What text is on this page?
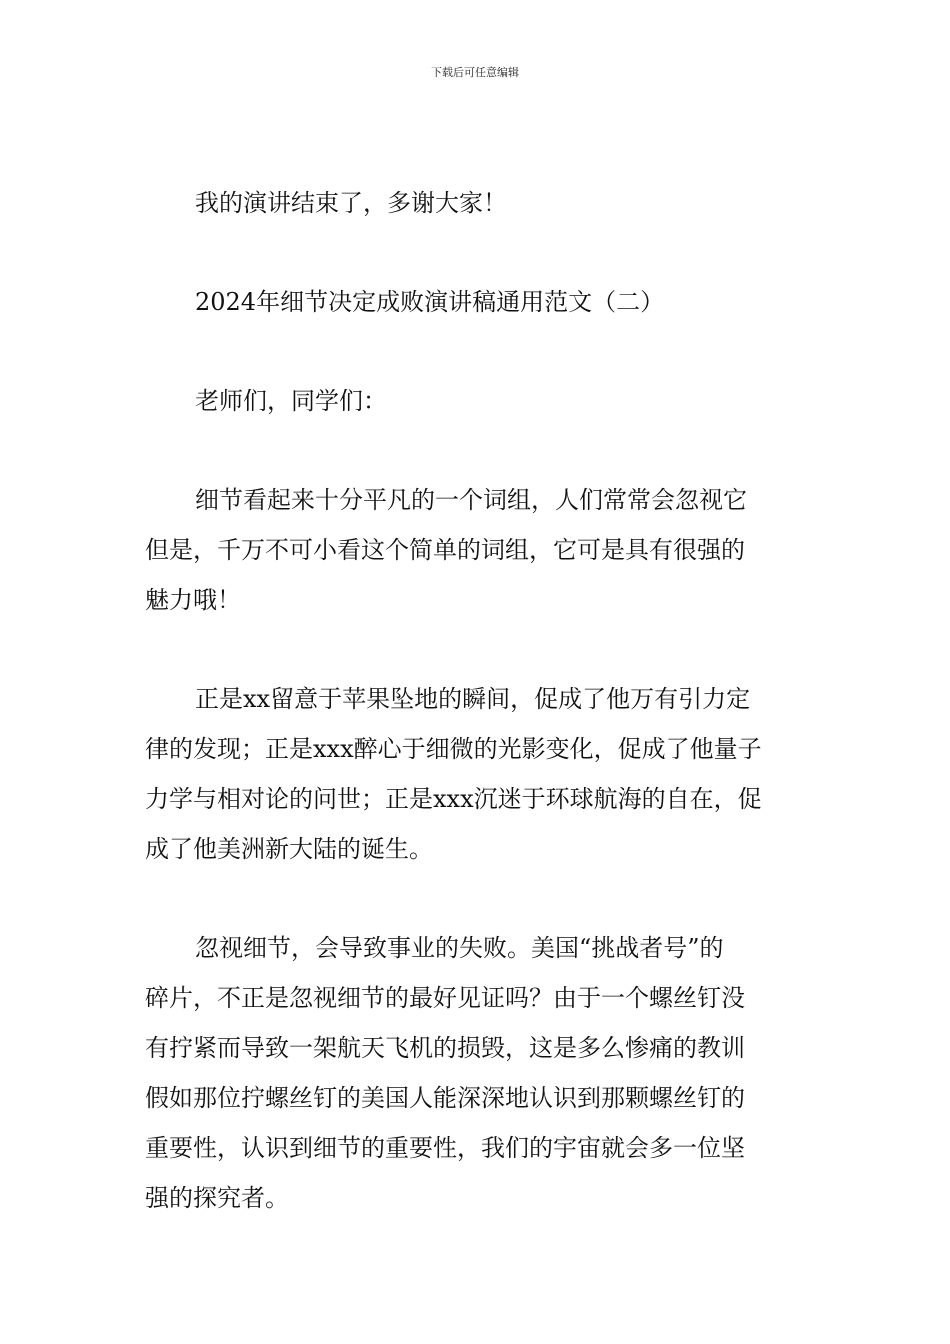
下载后可任意编辑
我的演讲结束了，多谢大家！
2024年细节决定成败演讲稿通用范文（二）
老师们，同学们：
细节看起来十分平凡的一个词组，人们常常会忽视它
但是，千万不可小看这个简单的词组，它可是具有很强的
魅力哦！
正是xx留意于苹果坠地的瞬间，促成了他万有引力定
律的发现；正是xxx醉心于细微的光影变化，促成了他量子
力学与相对论的问世；正是xxx沉迷于环球航海的自在，促
成了他美洲新大陆的诞生。
忽视细节，会导致事业的失败。美国“挑战者号”的
碎片，不正是忽视细节的最好见证吗？由于一个螺丝钉没
有拧紧而导致一架航天飞机的损毁，这是多么惨痛的教训
假如那位拧螺丝钉的美国人能深深地认识到那颗螺丝钉的
重要性，认识到细节的重要性，我们的宇宙就会多一位坚
强的探究者。
